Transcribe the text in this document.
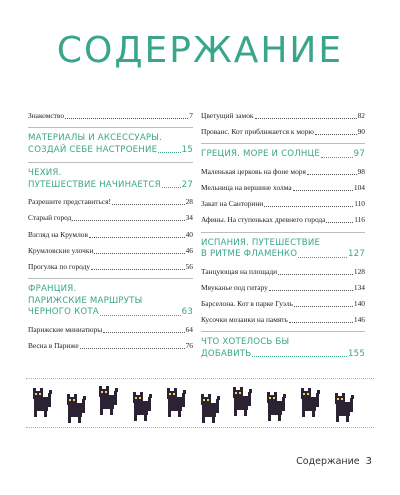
СОДЕРЖАНИЕ
Знакомство	7
МАТЕРИАЛЫ И АКСЕССУАРЫ.
СОЗДАЙ СЕБЕ НАСТРОЕНИЕ	15
ЧЕХИЯ.
ПУТЕШЕСТВИЕ НАЧИНАЕТСЯ 27
Разрешите представиться!	28
Старый город	34
Взгляд на Крумлов	40
Крумловские улочки	46
Прогулка по городу	56
ФРАНЦИЯ.
ПАРИЖСКИЕ МАРШРУТЫ
ЧЕРНОГО КОТА	63
Парижские миниатюры	64
Весна в Париже	76
Цветущий замок	82
Прованс. Кот приближается к морю	90
ГРЕЦИЯ. МОРЕ И СОЛНЦЕ	97
Маленькая церковь на фоне моря	98
Мельница на вершине холма	104
Закат на Санторини	110
Афины. На ступеньках древнего города	116
ИСПАНИЯ. ПУТЕШЕСТВИЕ
В РИТМЕ ФЛАМЕНКО	127
Танцующая на площади	128
Мяуканье под гитару	134
Барселона. Кот в парке Гуэль	140
Кусочки мозаики на память	146
ЧТО ХОТЕЛОСЬ БЫ
ДОБАВИТЬ	155
Содержание 3
